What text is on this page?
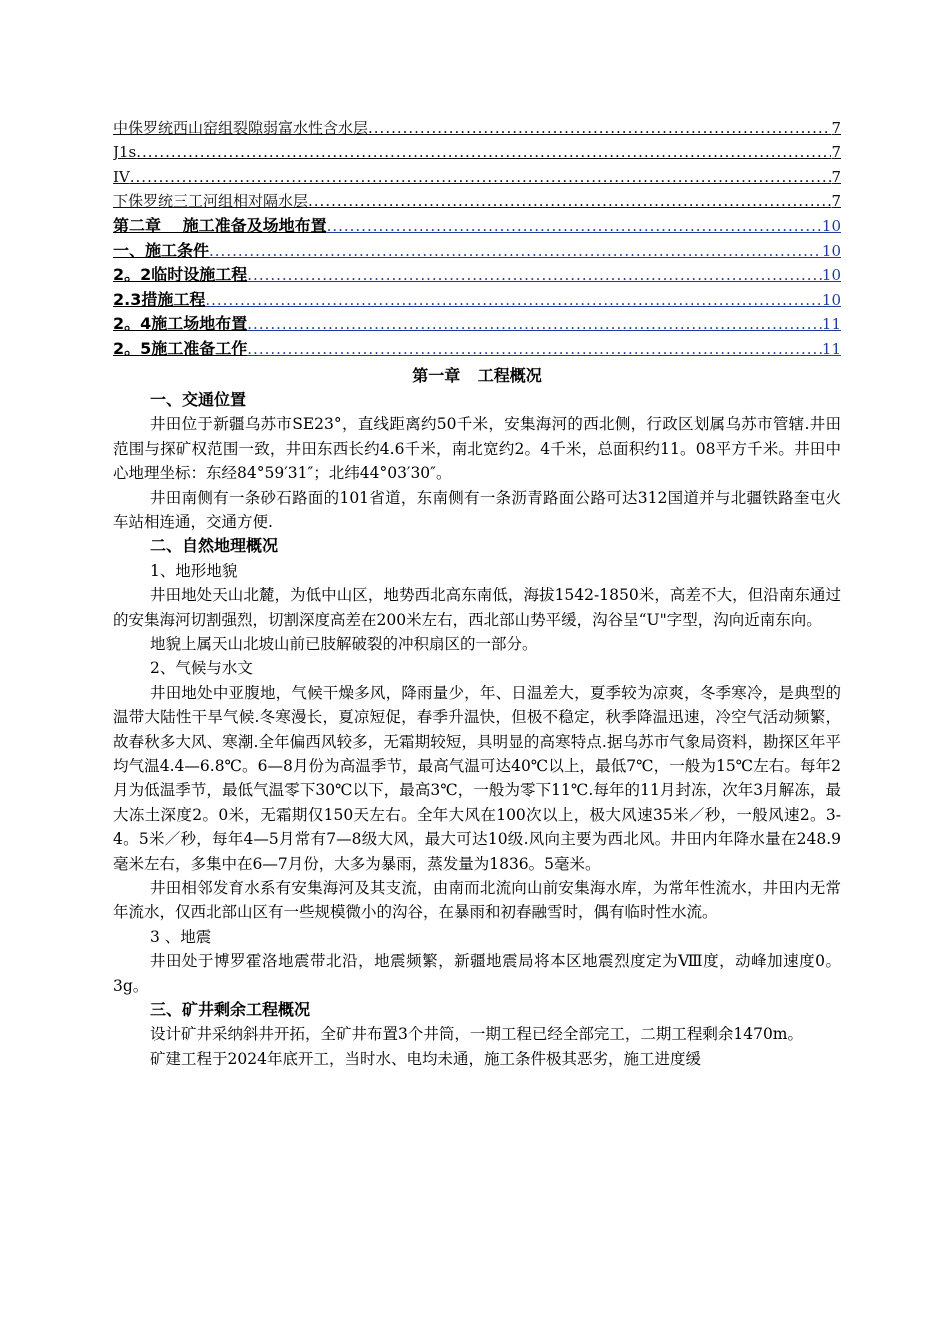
中侏罗统西山窑组裂隙弱富水性含水层 .....	7
J1s .....	7
IV .....	7
下侏罗统三工河组相对隔水层 .....	7
第二章　 施工准备及场地布置 .....	10
一、施工条件 .....	10
2。2临时设施工程 .....	10
2.3措施工程 .....	10
2。4施工场地布置 .....	11
2。5施工准备工作 .....	11
第一章 工程概况
一、交通位置

井田位于新疆乌苏市SE23°，直线距离约50千米，安集海河的西北侧，行政区划属乌苏市管辖.井田范围与探矿权范围一致，井田东西长约4.6千米，南北宽约2。4千米，总面积约11。08平方千米。井田中心地理坐标：东经84°59′31″；北纬44°03′30″。

井田南侧有一条砂石路面的101省道，东南侧有一条沥青路面公路可达312国道并与北疆铁路奎屯火车站相连通，交通方便.

二、自然地理概况
1、地形地貌

井田地处天山北麓，为低中山区，地势西北高东南低，海拔1542-1850米，高差不大，但沿南东通过的安集海河切割强烈，切割深度高差在200米左右，西北部山势平缓，沟谷呈“U"字型，沟向近南东向。

地貌上属天山北坡山前已肢解破裂的冲积扇区的一部分。

2、气候与水文

井田地处中亚腹地，气候干燥多风，降雨量少，年、日温差大，夏季较为凉爽，冬季寒冷，是典型的温带大陆性干旱气候.冬寒漫长，夏凉短促，春季升温快，但极不稳定，秋季降温迅速，冷空气活动频繁，故春秋多大风、寒潮.全年偏西风较多，无霜期较短，具明显的高寒特点.据乌苏市气象局资料，勘探区年平均气温4.4—6.8℃。6—8月份为高温季节，最高气温可达40℃以上，最低7℃，一般为15℃左右。每年2月为低温季节，最低气温零下30℃以下，最高3℃，一般为零下11℃.每年的11月封冻，次年3月解冻，最大冻土深度2。0米，无霜期仅150天左右。全年大风在100次以上，极大风速35米／秒，一般风速2。3-4。5米／秒，每年4—5月常有7—8级大风，最大可达10级.风向主要为西北风。井田内年降水量在248.9毫米左右，多集中在6—7月份，大多为暴雨，蒸发量为1836。5毫米。

井田相邻发育水系有安集海河及其支流，由南而北流向山前安集海水库，为常年性流水，井田内无常年流水，仅西北部山区有一些规模微小的沟谷，在暴雨和初春融雪时，偶有临时性水流。

3 、地震

井田处于博罗霍洛地震带北沿，地震频繁，新疆地震局将本区地震烈度定为Ⅷ度，动峰加速度0。3g。

三、矿井剩余工程概况

设计矿井采纳斜井开拓，全矿井布置3个井筒，一期工程已经全部完工，二期工程剩余1470m。

矿建工程于2024年底开工，当时水、电均未通，施工条件极其恶劣，施工进度缓
